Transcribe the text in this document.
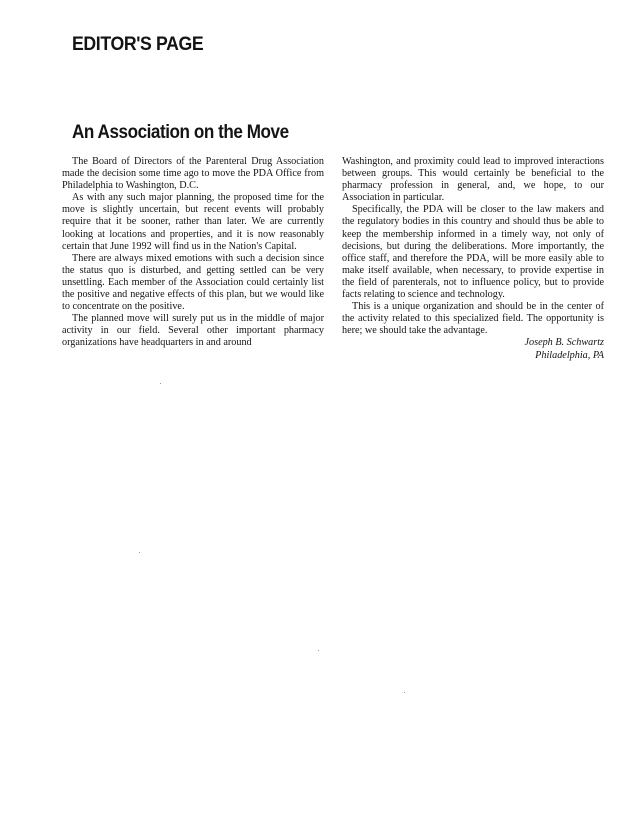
EDITOR'S PAGE
An Association on the Move

The Board of Directors of the Parenteral Drug Association made the decision some time ago to move the PDA Office from Philadelphia to Washington, D.C.

As with any such major planning, the proposed time for the move is slightly uncertain, but recent events will probably require that it be sooner, rather than later. We are currently looking at locations and properties, and it is now reasonably certain that June 1992 will find us in the Nation's Capital.

There are always mixed emotions with such a decision since the status quo is disturbed, and getting settled can be very unsettling. Each member of the Association could certainly list the positive and negative effects of this plan, but we would like to concentrate on the positive.

The planned move will surely put us in the middle of major activity in our field. Several other important pharmacy organizations have headquarters in and around

Washington, and proximity could lead to improved interactions between groups. This would certainly be beneficial to the pharmacy profession in general, and, we hope, to our Association in particular.

Specifically, the PDA will be closer to the law makers and the regulatory bodies in this country and should thus be able to keep the membership informed in a timely way, not only of decisions, but during the deliberations. More importantly, the office staff, and therefore the PDA, will be more easily able to make itself available, when necessary, to provide expertise in the field of parenterals, not to influence policy, but to provide facts relating to science and technology.

This is a unique organization and should be in the center of the activity related to this specialized field. The opportunity is here; we should take the advantage.

Joseph B. Schwartz

Philadelphia, PA
